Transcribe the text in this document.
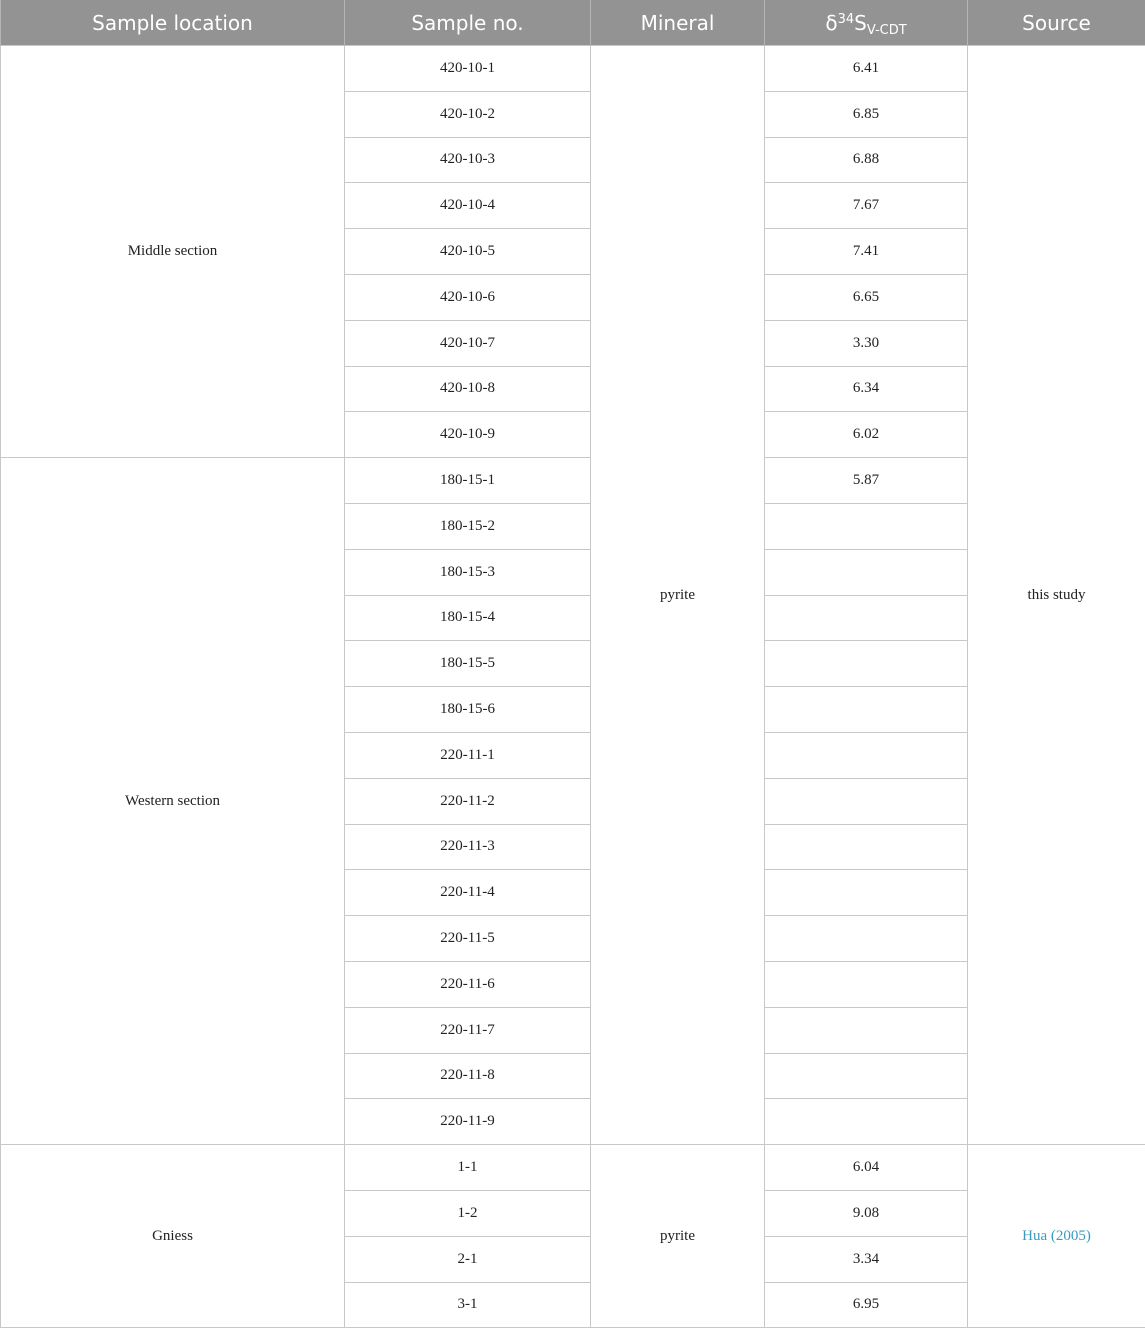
Sample location	Sample no.	Mineral	$\delta^{34}S_{V-CDT}$	Source
Middle section	420-10-1	pyrite	6.41	this study
	420-10-2		6.85	
	420-10-3		6.88	
	420-10-4		7.67	
	420-10-5		7.41	
	420-10-6		6.65	
	420-10-7		3.30	
	420-10-8		6.34	
	420-10-9		6.02	
Western section	180-15-1		5.87	
	180-15-2			
	180-15-3			
	180-15-4			
	180-15-5			
	180-15-6			
	220-11-1			
	220-11-2			
	220-11-3			
	220-11-4			
	220-11-5			
	220-11-6			
	220-11-7			
	220-11-8			
	220-11-9			
Gniess	1-1	pyrite	6.04	Hua (2005)
	1-2		9.08	
	2-1		3.34	
	3-1		6.95	
